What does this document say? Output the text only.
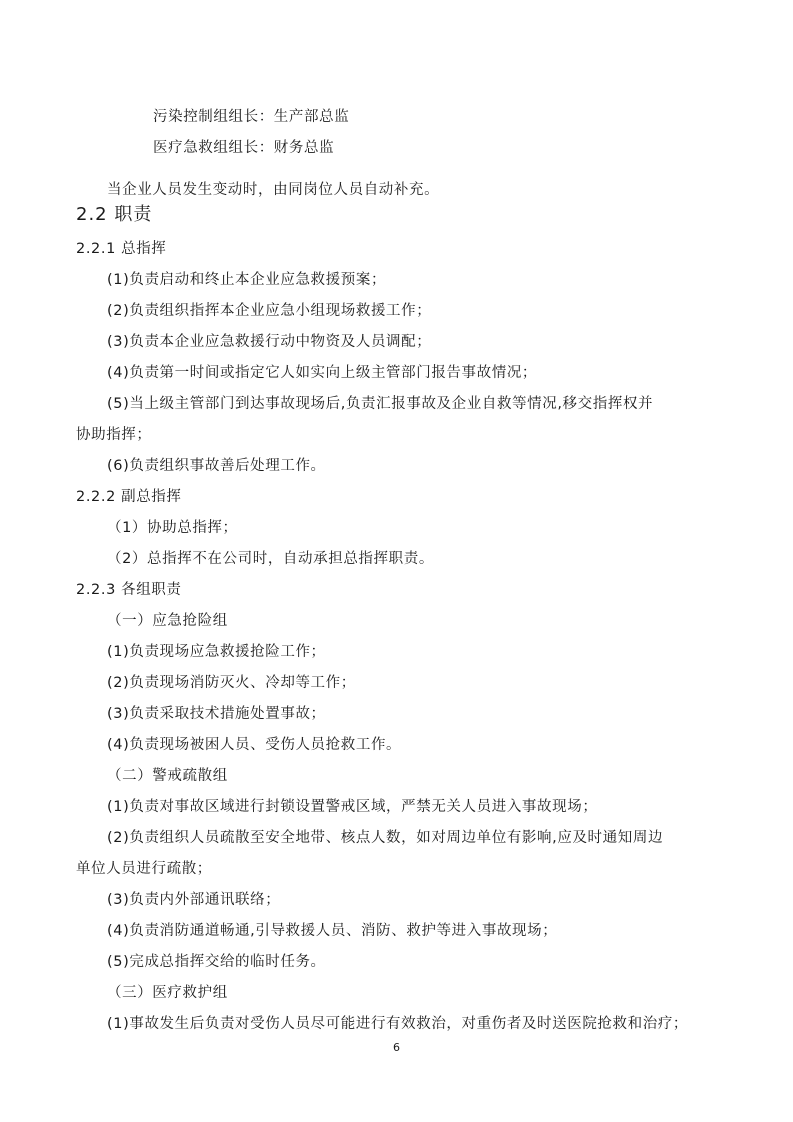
污染控制组组长：生产部总监
医疗急救组组长：财务总监
当企业人员发生变动时，由同岗位人员自动补充。
2.2 职责
2.2.1 总指挥
(1)负责启动和终止本企业应急救援预案；
(2)负责组织指挥本企业应急小组现场救援工作；
(3)负责本企业应急救援行动中物资及人员调配；
(4)负责第一时间或指定它人如实向上级主管部门报告事故情况；
(5)当上级主管部门到达事故现场后,负责汇报事故及企业自救等情况,移交指挥权并
协助指挥；
(6)负责组织事故善后处理工作。
2.2.2 副总指挥
（1）协助总指挥；
（2）总指挥不在公司时，自动承担总指挥职责。
2.2.3 各组职责
（一）应急抢险组
(1)负责现场应急救援抢险工作；
(2)负责现场消防灭火、冷却等工作；
(3)负责采取技术措施处置事故；
(4)负责现场被困人员、受伤人员抢救工作。
（二）警戒疏散组
(1)负责对事故区域进行封锁设置警戒区域，严禁无关人员进入事故现场；
(2)负责组织人员疏散至安全地带、核点人数，如对周边单位有影响,应及时通知周边
单位人员进行疏散；
(3)负责内外部通讯联络；
(4)负责消防通道畅通,引导救援人员、消防、救护等进入事故现场；
(5)完成总指挥交给的临时任务。
（三）医疗救护组
(1)事故发生后负责对受伤人员尽可能进行有效救治，对重伤者及时送医院抢救和治疗；
6
